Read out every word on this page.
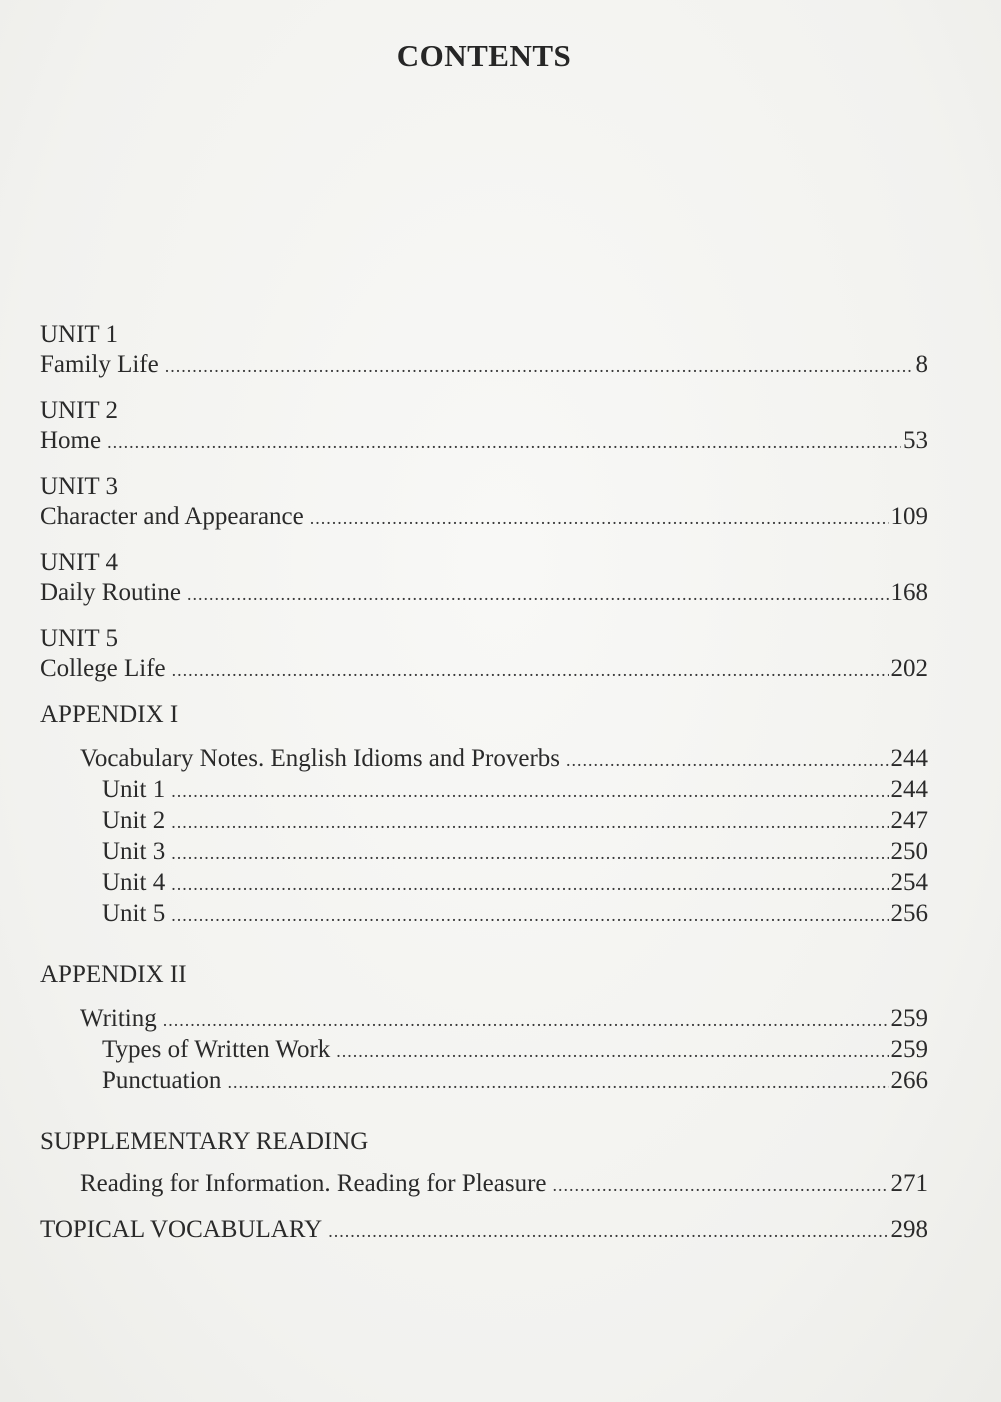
CONTENTS
UNIT 1
Family Life .....	8
UNIT 2
Home .....	53
UNIT 3
Character and Appearance .....	109
UNIT 4
Daily Routine .....	168
UNIT 5
College Life .....	202
APPENDIX I
Vocabulary Notes. English Idioms and Proverbs .....	244
Unit 1 .....	244
Unit 2 .....	247
Unit 3 .....	250
Unit 4 .....	254
Unit 5 .....	256
APPENDIX II
Writing .....	259
Types of Written Work .....	259
Punctuation .....	266
SUPPLEMENTARY READING
Reading for Information. Reading for Pleasure .....	271
TOPICAL VOCABULARY .....	298
